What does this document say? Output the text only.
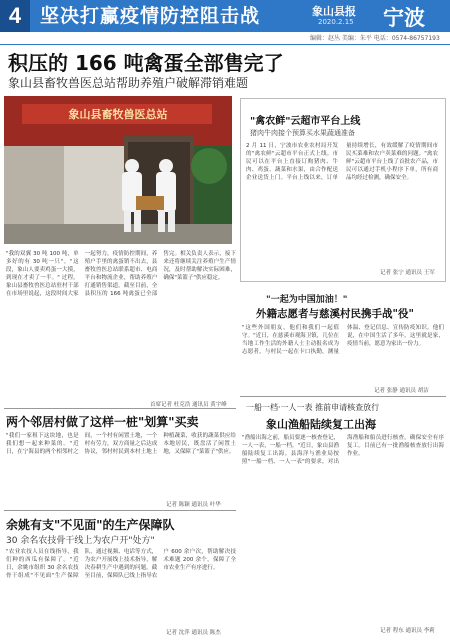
4 坚决打赢疫情防控阻击战	象山县报
2020.2.15 宁波
编辑：赵丛 美编：朱平 电话：0574-86757193
积压的 166 吨禽蛋全部售完了
象山县畜牧兽医总站帮助养殖户破解滞销难题
象山县畜牧兽医总站
"我的双翼 30 吨 100 吨，单多好的有 30 吨一只"。"这段，象山人要卖鸡蛋一大摸，到现在才卖了一半。" 过程，象山县畜牧兽医总站驻村干部在市场里说起，这段时间大家一起努力，疫情防控期间，养殖户手里的禽蛋销不出去，县畜牧兽医总站联系超市、电商平台和物流企业，帮助养殖户打通销售渠道。截至目前，全县积压的 166 吨禽蛋已全部售完。相关负责人表示，接下来还将继续关注养殖户生产情况，及时帮助解决实际困难，确保"菜篮子"供应稳定。
首席记者 杜克浩 通讯员 黄宇峰
"禽农鲜"云超市平台上线
猪肉牛肉接个预算买水果蔬通准备
2 月 11 日，宁波市农业农村局开发的"禽农鲜"云超市平台正式上线。市民可以在平台上直接订购猪肉、牛肉、鸡蛋、蔬菜和水果，由合作配送企业送货上门。平台上线以来，订单量持续增长，有效缓解了疫情期间市民买菜难和农户卖菜难的问题。"禽农鲜"云超市平台上线了首批农产品，市民可以通过手机小程序下单，所有商品均经过检测，确保安全。
记者 张宁 通讯员 王军
"一起为中国加油！"
外籍志愿者与慈溪村民携手战"役"
"这些外国朋友，他们和我们一起值守。"近日，在慈溪市观海卫镇，几位在当地工作生活的外籍人士主动报名成为志愿者，与村民一起在卡口执勤，测量体温、登记信息、宣传防疫知识。他们说，在中国生活了多年，这里就是家，疫情当前，愿意为家出一份力。
记者 张静 通讯员 胡洁
一船一档·一人一表 推前申请核查放行
象山渔船陆续复工出海
"渔船出海之前，船员要逐一核查登记，一人一表，一船一档。"近日，象山县渔船陆续复工出海。县海洋与渔业局按照"一船一档、一人一表"的要求，对出海渔船和船员进行核查，确保安全有序复工。目前已有一批渔船核查放行出海作业。
记者 程东 通讯员 李莉
两个邻居村做了这样一桩"划算"买卖
"我们一家租下这块地，也是我们想一起来种菜的。"近日，在宁海县的两个相邻村之间，一个村有闲置土地，一个村有劳力，双方商量之后达成协议，邻村村民到本村土地上种植蔬菜，收获的蔬菜供应给本地居民，既盘活了闲置土地，又保障了"菜篮子"供应。
记者 陈颖 通讯员 叶华
余姚有支"不见面"的生产保障队
30 余名农技骨干线上为农户开"处方"
"农业农技人员在线指导，我们种的西瓜有保障了。"近日，余姚市组织 30 余名农技骨干组成"不见面"生产保障队，通过视频、电话等方式，为农户开展线上技术指导，解决春耕生产中遇到的问题。截至目前，保障队已线上指导农户 600 余户次，帮助解决技术难题 200 余个，保障了全市农业生产有序进行。
记者 沈萍 通讯员 陈杰
